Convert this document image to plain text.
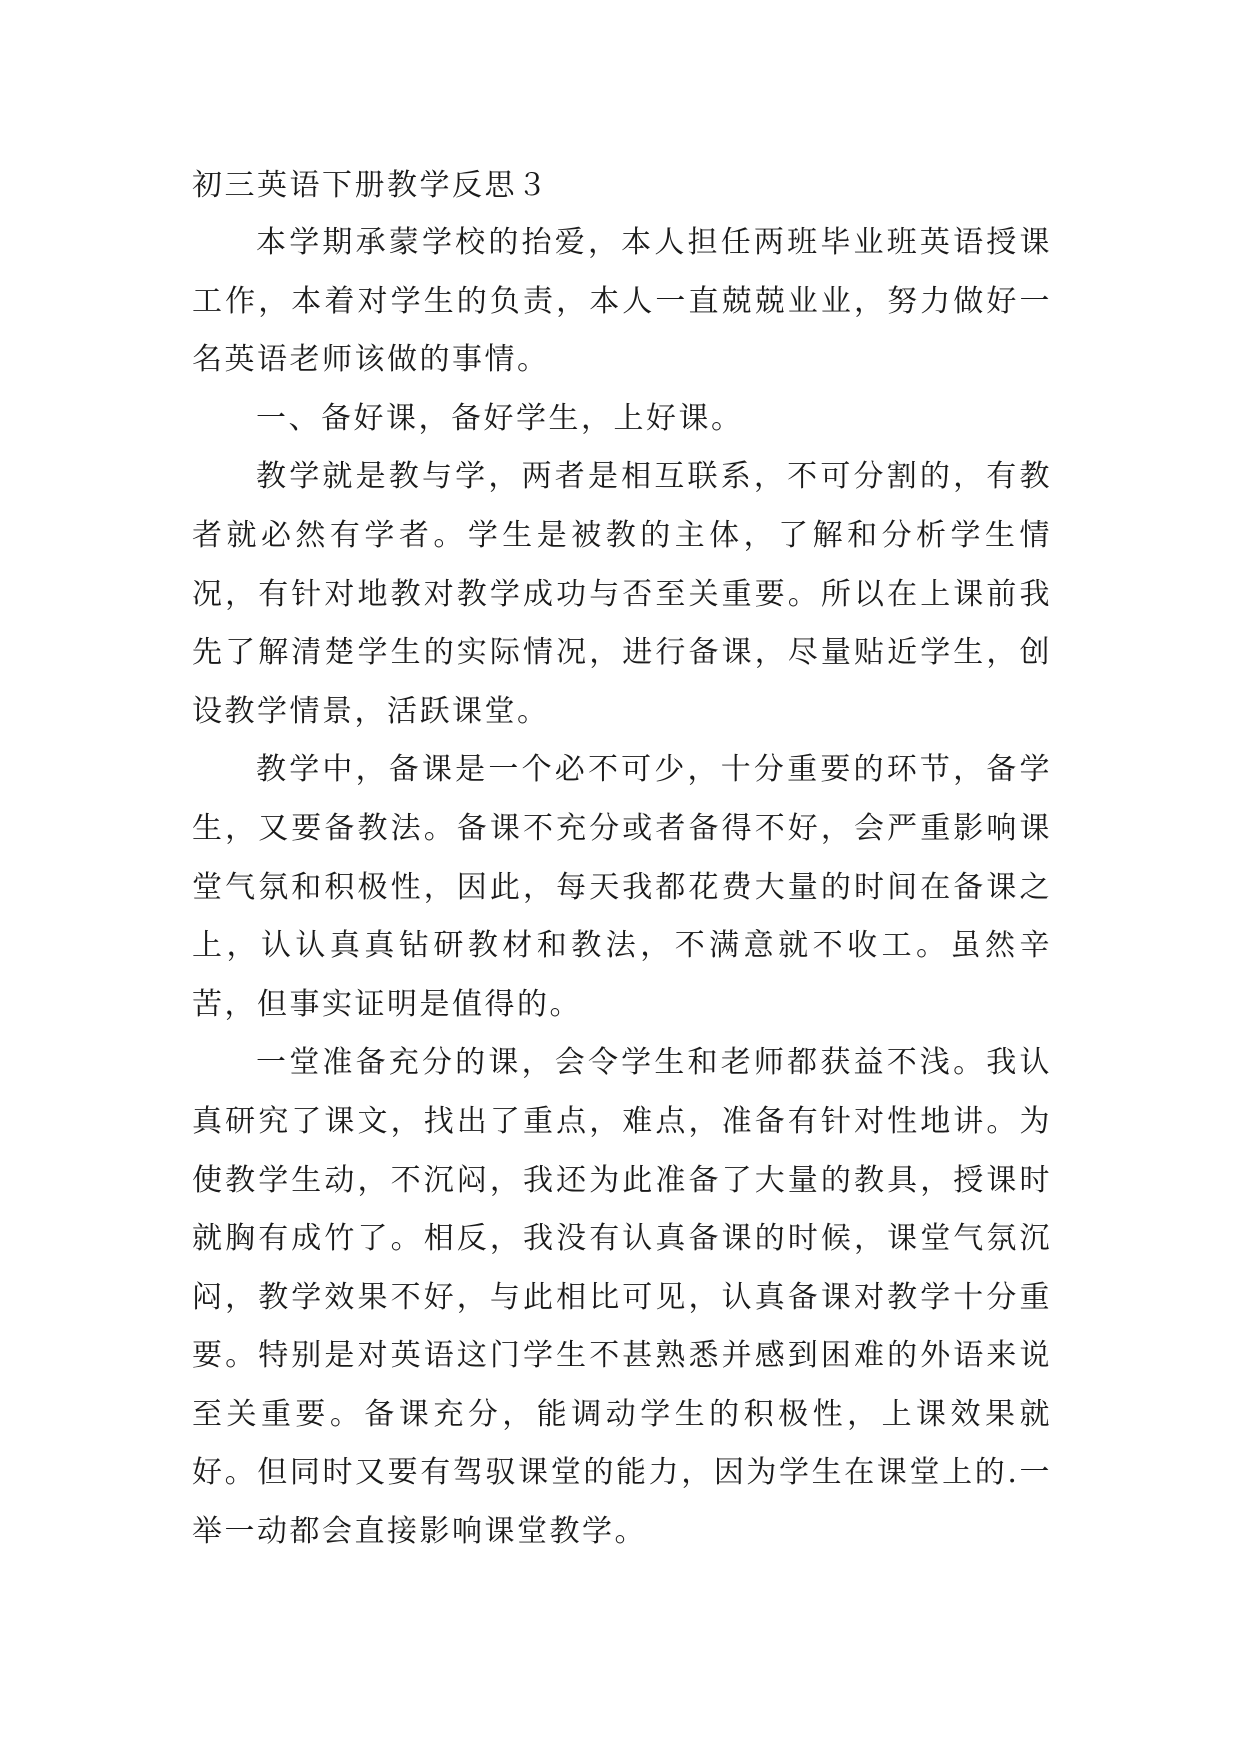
初三英语下册教学反思３

本学期承蒙学校的抬爱，本人担任两班毕业班英语授课工作，本着对学生的负责，本人一直兢兢业业，努力做好一名英语老师该做的事情。

一、备好课，备好学生，上好课。

教学就是教与学，两者是相互联系，不可分割的，有教者就必然有学者。学生是被教的主体，了解和分析学生情况，有针对地教对教学成功与否至关重要。所以在上课前我先了解清楚学生的实际情况，进行备课，尽量贴近学生，创设教学情景，活跃课堂。

教学中，备课是一个必不可少，十分重要的环节，备学生，又要备教法。备课不充分或者备得不好，会严重影响课堂气氛和积极性，因此，每天我都花费大量的时间在备课之上，认认真真钻研教材和教法，不满意就不收工。虽然辛苦，但事实证明是值得的。

一堂准备充分的课，会令学生和老师都获益不浅。我认真研究了课文，找出了重点，难点，准备有针对性地讲。为使教学生动，不沉闷，我还为此准备了大量的教具，授课时就胸有成竹了。相反，我没有认真备课的时候，课堂气氛沉闷，教学效果不好，与此相比可见，认真备课对教学十分重要。特别是对英语这门学生不甚熟悉并感到困难的外语来说至关重要。备课充分，能调动学生的积极性，上课效果就好。但同时又要有驾驭课堂的能力，因为学生在课堂上的.一举一动都会直接影响课堂教学。
